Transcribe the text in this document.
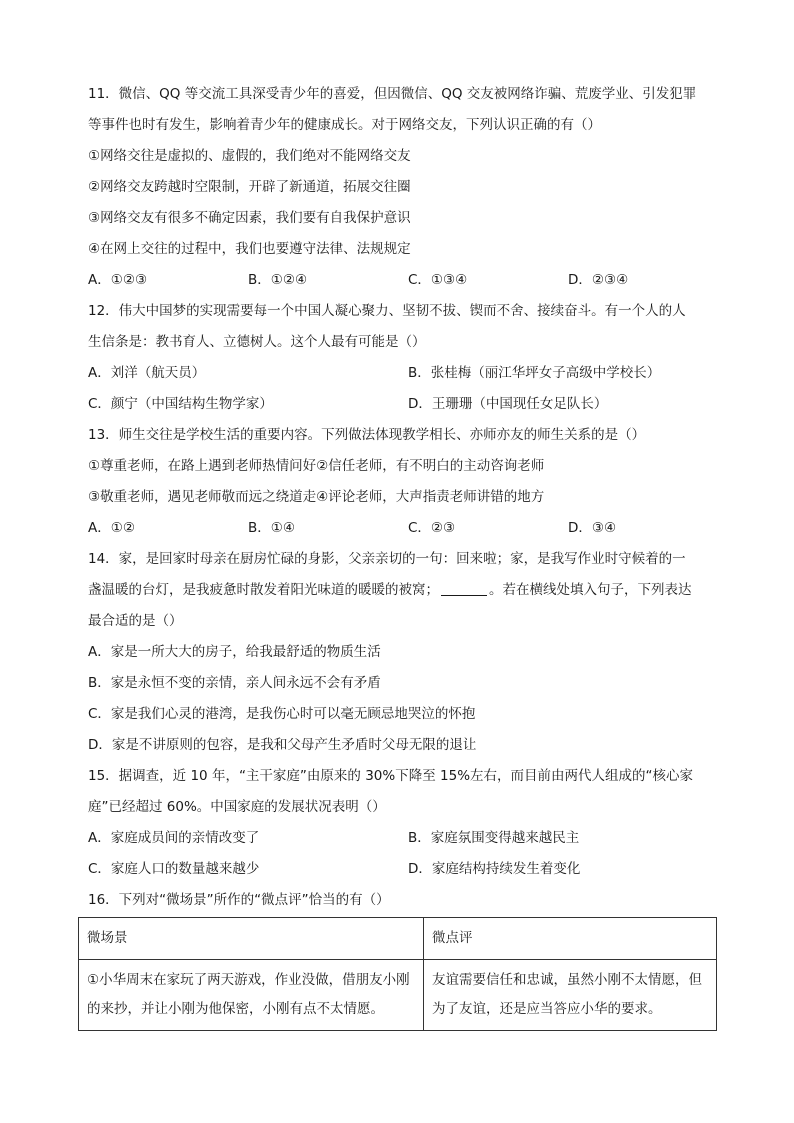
11．微信、QQ 等交流工具深受青少年的喜爱，但因微信、QQ 交友被网络诈骗、荒废学业、引发犯罪
等事件也时有发生，影响着青少年的健康成长。对于网络交友，下列认识正确的有（）
①网络交往是虚拟的、虚假的，我们绝对不能网络交友
②网络交友跨越时空限制，开辟了新通道，拓展交往圈
③网络交友有很多不确定因素，我们要有自我保护意识
④在网上交往的过程中，我们也要遵守法律、法规规定
A．①②③	B．①②④	C．①③④	D．②③④
12．伟大中国梦的实现需要每一个中国人凝心聚力、坚韧不拔、锲而不舍、接续奋斗。有一个人的人
生信条是：教书育人、立德树人。这个人最有可能是（）
A．刘洋（航天员）	B．张桂梅（丽江华坪女子高级中学校长）
C．颜宁（中国结构生物学家）	D．王珊珊（中国现任女足队长）
13．师生交往是学校生活的重要内容。下列做法体现教学相长、亦师亦友的师生关系的是（）
①尊重老师，在路上遇到老师热情问好②信任老师，有不明白的主动咨询老师
③敬重老师，遇见老师敬而远之绕道走④评论老师，大声指责老师讲错的地方
A．①②	B．①④	C．②③	D．③④
14．家，是回家时母亲在厨房忙碌的身影，父亲亲切的一句：回来啦；家，是我写作业时守候着的一
盏温暖的台灯，是我疲惫时散发着阳光味道的暖暖的被窝；	。若在横线处填入句子，下列表达
最合适的是（）
A．家是一所大大的房子，给我最舒适的物质生活
B．家是永恒不变的亲情，亲人间永远不会有矛盾
C．家是我们心灵的港湾，是我伤心时可以毫无顾忌地哭泣的怀抱
D．家是不讲原则的包容，是我和父母产生矛盾时父母无限的退让
15．据调查，近 10 年，“主干家庭”由原来的 30%下降至 15%左右，而目前由两代人组成的“核心家
庭”已经超过 60%。中国家庭的发展状况表明（）
A．家庭成员间的亲情改变了	B．家庭氛围变得越来越民主
C．家庭人口的数量越来越少	D．家庭结构持续发生着变化
16．下列对“微场景”所作的“微点评”恰当的有（）
微场景	微点评
①小华周末在家玩了两天游戏，作业没做，借朋友小刚的来抄，并让小刚为他保密，小刚有点不太情愿。	友谊需要信任和忠诚，虽然小刚不太情愿，但为了友谊，还是应当答应小华的要求。
